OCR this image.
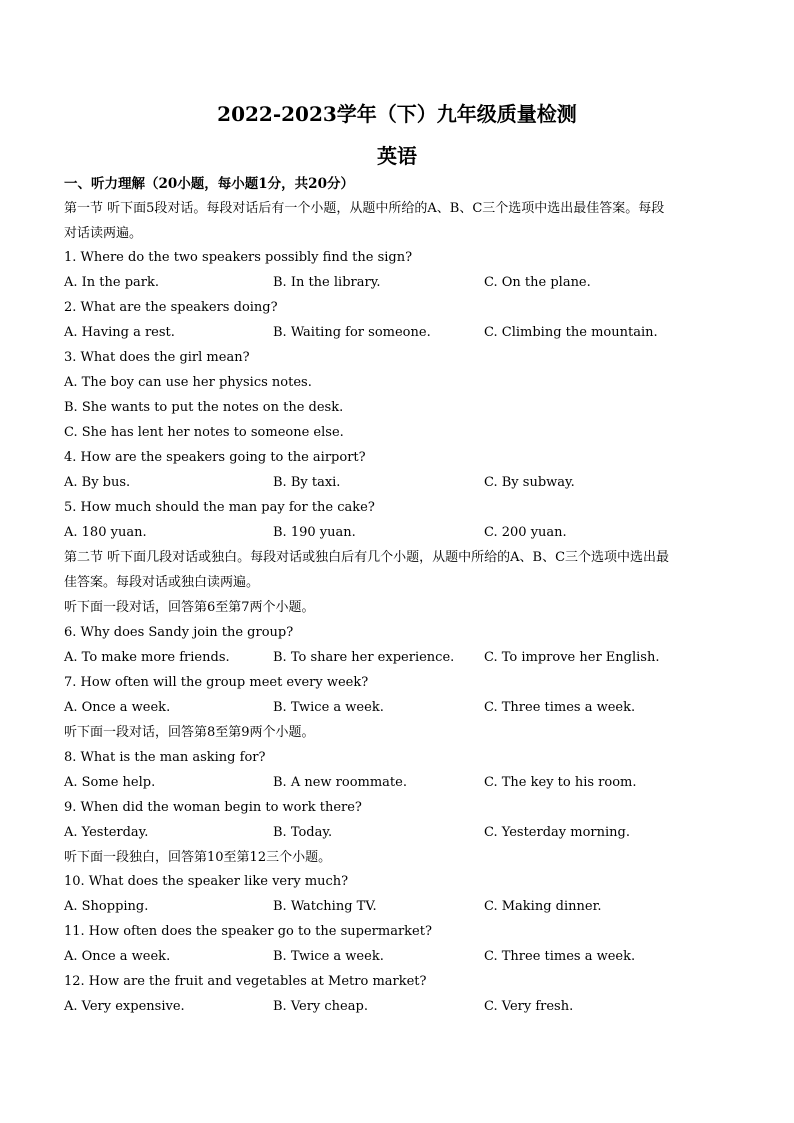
2022-2023学年（下）九年级质量检测
英语
一、听力理解（20小题，每小题1分，共20分）
第一节 听下面5段对话。每段对话后有一个小题，从题中所给的A、B、C三个选项中选出最佳答案。每段
对话读两遍。
1. Where do the two speakers possibly find the sign?
A. In the park.	B. In the library.	C. On the plane.
2. What are the speakers doing?
A. Having a rest.	B. Waiting for someone.	C. Climbing the mountain.
3. What does the girl mean?
A. The boy can use her physics notes.
B. She wants to put the notes on the desk.
C. She has lent her notes to someone else.
4. How are the speakers going to the airport?
A. By bus.	B. By taxi.	C. By subway.
5. How much should the man pay for the cake?
A. 180 yuan.	B. 190 yuan.	C. 200 yuan.
第二节 听下面几段对话或独白。每段对话或独白后有几个小题，从题中所给的A、B、C三个选项中选出最
佳答案。每段对话或独白读两遍。
听下面一段对话，回答第6至第7两个小题。
6. Why does Sandy join the group?
A. To make more friends.	B. To share her experience. C. To improve her English.
7. How often will the group meet every week?
A. Once a week.	B. Twice a week.	C. Three times a week.
听下面一段对话，回答第8至第9两个小题。
8. What is the man asking for?
A. Some help.	B. A new roommate.	C. The key to his room.
9. When did the woman begin to work there?
A. Yesterday.	B. Today.	C. Yesterday morning.
听下面一段独白，回答第10至第12三个小题。
10. What does the speaker like very much?
A. Shopping.	B. Watching TV.	C. Making dinner.
11. How often does the speaker go to the supermarket?
A. Once a week.	B. Twice a week.	C. Three times a week.
12. How are the fruit and vegetables at Metro market?
A. Very expensive.	B. Very cheap.	C. Very fresh.
